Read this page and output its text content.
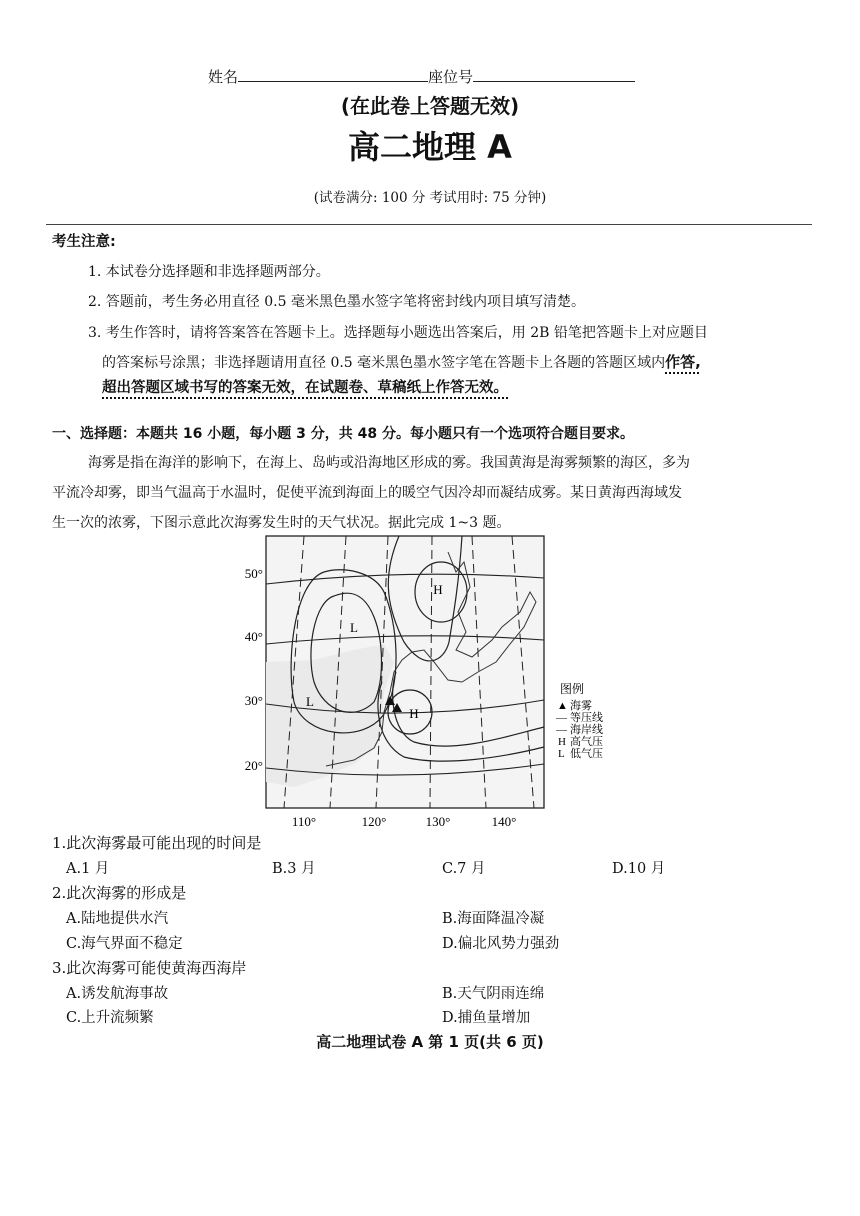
姓名	座位号
(在此卷上答题无效)
高二地理 A
(试卷满分: 100 分 考试用时: 75 分钟)
考生注意:
1. 本试卷分选择题和非选择题两部分。
2. 答题前，考生务必用直径 0.5 毫米黑色墨水签字笔将密封线内项目填写清楚。
3. 考生作答时，请将答案答在答题卡上。选择题每小题选出答案后，用 2B 铅笔把答题卡上对应题目
的答案标号涂黑；非选择题请用直径 0.5 毫米黑色墨水签字笔在答题卡上各题的答题区域内作答,
超出答题区域书写的答案无效，在试题卷、草稿纸上作答无效。
一、选择题：本题共 16 小题，每小题 3 分，共 48 分。每小题只有一个选项符合题目要求。
海雾是指在海洋的影响下，在海上、岛屿或沿海地区形成的雾。我国黄海是海雾频繁的海区，多为
平流冷却雾，即当气温高于水温时，促使平流到海面上的暖空气因冷却而凝结成雾。某日黄海西海域发
生一次的浓雾，下图示意此次海雾发生时的天气状况。据此完成 1~3 题。
50°
40°
30°
20°
110°	120°	130°	140°
H
L
L
H
图例
▲ 海雾
— 等压线
— 海岸线
H 高气压
L 低气压
1.此次海雾最可能出现的时间是
A.1 月	B.3 月	C.7 月	D.10 月
2.此次海雾的形成是
A.陆地提供水汽	B.海面降温冷凝
C.海气界面不稳定	D.偏北风势力强劲
3.此次海雾可能使黄海西海岸
A.诱发航海事故	B.天气阴雨连绵
C.上升流频繁	D.捕鱼量增加
高二地理试卷 A 第 1 页(共 6 页)
